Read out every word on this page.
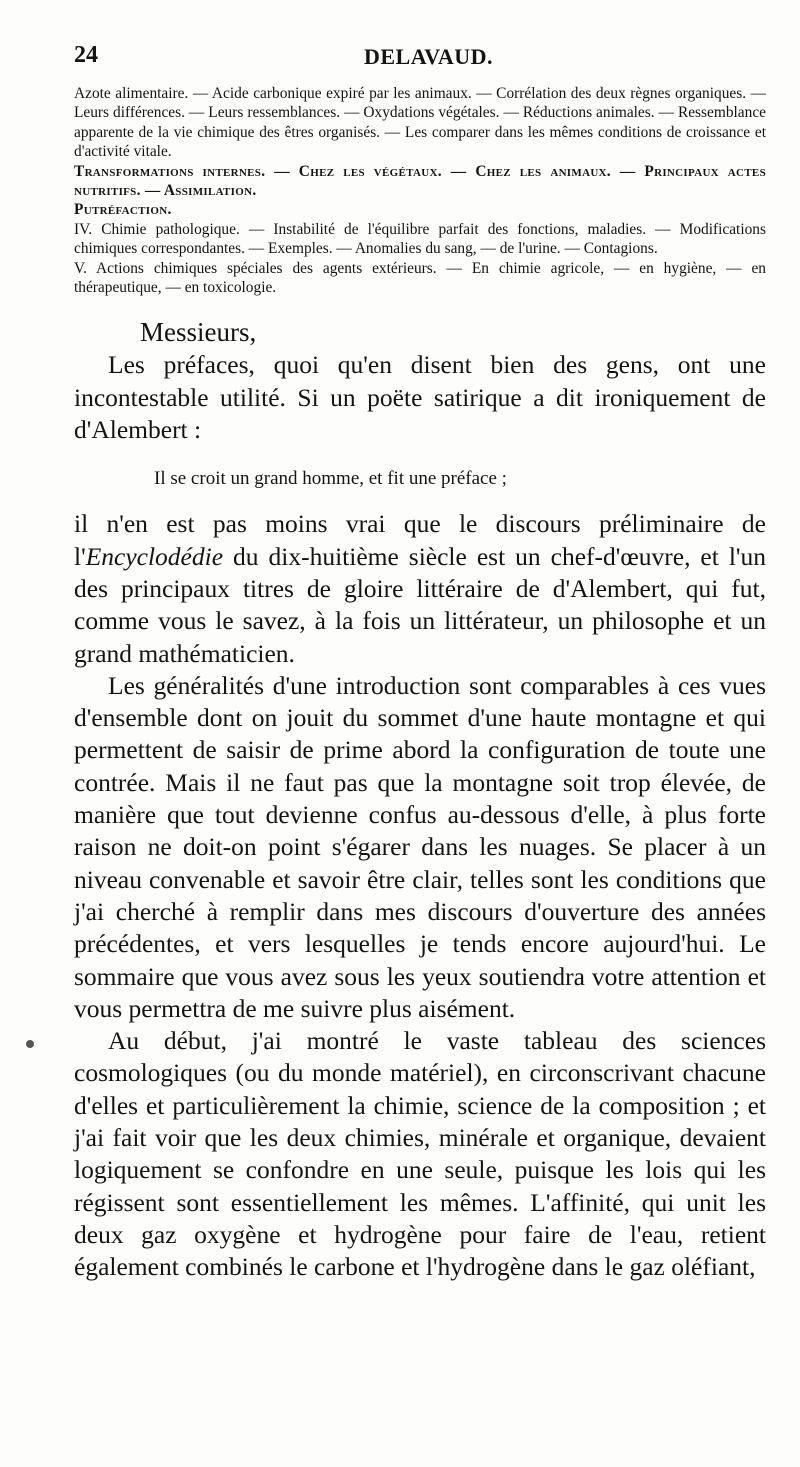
24	DELAVAUD.

Azote alimentaire. — Acide carbonique expiré par les animaux. — Corrélation des deux règnes organiques. — Leurs différences. — Leurs ressemblances. — Oxydations végétales. — Réductions animales. — Ressemblance apparente de la vie chimique des êtres organisés. — Les comparer dans les mêmes conditions de croissance et d'activité vitale.

Transformations internes. — Chez les végétaux. — Chez les animaux. — Principaux actes nutritifs. — Assimilation.

Putréfaction.

IV. Chimie pathologique. — Instabilité de l'équilibre parfait des fonctions, maladies. — Modifications chimiques correspondantes. — Exemples. — Anomalies du sang, — de l'urine. — Contagions.

V. Actions chimiques spéciales des agents extérieurs. — En chimie agricole, — en hygiène, — en thérapeutique, — en toxicologie.

Messieurs,

Les préfaces, quoi qu'en disent bien des gens, ont une incontestable utilité. Si un poëte satirique a dit ironiquement de d'Alembert :

Il se croit un grand homme, et fit une préface ;

il n'en est pas moins vrai que le discours préliminaire de l'Encyclodédie du dix-huitième siècle est un chef-d'œuvre, et l'un des principaux titres de gloire littéraire de d'Alembert, qui fut, comme vous le savez, à la fois un littérateur, un philosophe et un grand mathématicien.

Les généralités d'une introduction sont comparables à ces vues d'ensemble dont on jouit du sommet d'une haute montagne et qui permettent de saisir de prime abord la configuration de toute une contrée. Mais il ne faut pas que la montagne soit trop élevée, de manière que tout devienne confus au-dessous d'elle, à plus forte raison ne doit-on point s'égarer dans les nuages. Se placer à un niveau convenable et savoir être clair, telles sont les conditions que j'ai cherché à remplir dans mes discours d'ouverture des années précédentes, et vers lesquelles je tends encore aujourd'hui. Le sommaire que vous avez sous les yeux soutiendra votre attention et vous permettra de me suivre plus aisément.

Au début, j'ai montré le vaste tableau des sciences cosmologiques (ou du monde matériel), en circonscrivant chacune d'elles et particulièrement la chimie, science de la composition ; et j'ai fait voir que les deux chimies, minérale et organique, devaient logiquement se confondre en une seule, puisque les lois qui les régissent sont essentiellement les mêmes. L'affinité, qui unit les deux gaz oxygène et hydrogène pour faire de l'eau, retient également combinés le carbone et l'hydrogène dans le gaz oléfiant,
